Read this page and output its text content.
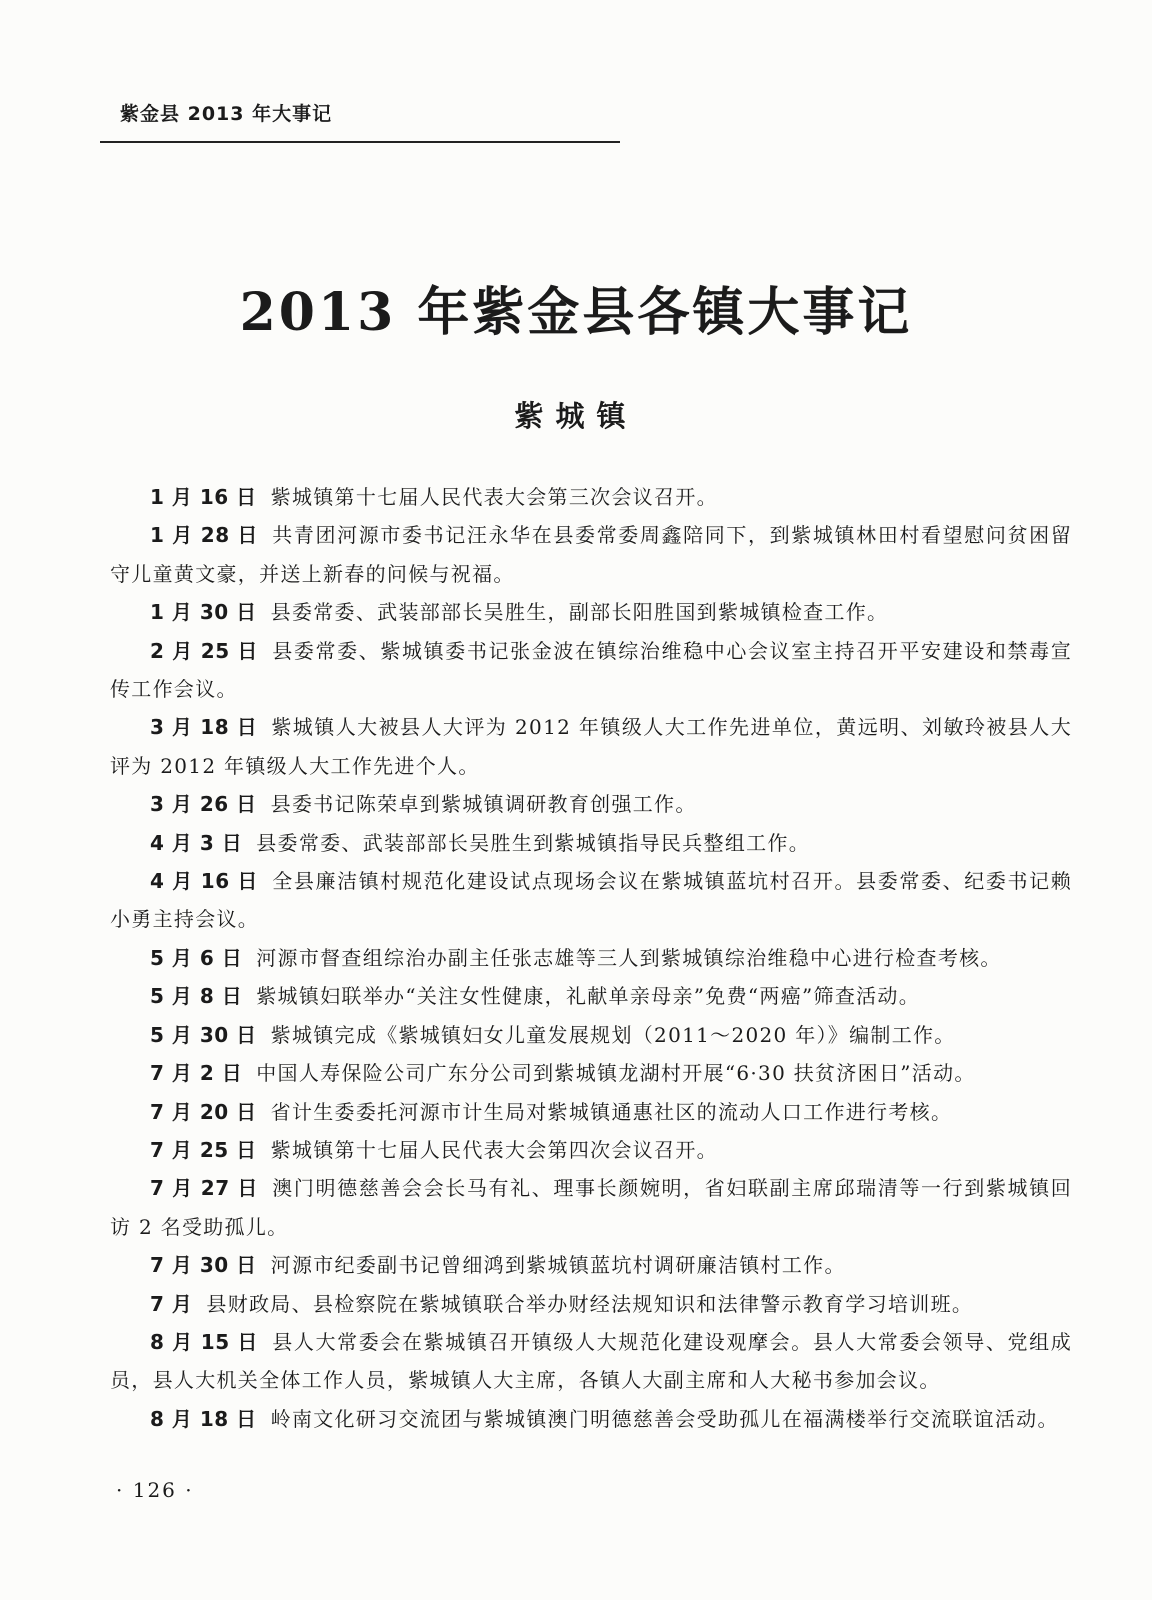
紫金县 2013 年大事记
2013 年紫金县各镇大事记
紫城镇

1 月 16 日 紫城镇第十七届人民代表大会第三次会议召开。

1 月 28 日 共青团河源市委书记汪永华在县委常委周鑫陪同下，到紫城镇林田村看望慰问贫困留守儿童黄文豪，并送上新春的问候与祝福。

1 月 30 日 县委常委、武装部部长吴胜生，副部长阳胜国到紫城镇检查工作。

2 月 25 日 县委常委、紫城镇委书记张金波在镇综治维稳中心会议室主持召开平安建设和禁毒宣传工作会议。

3 月 18 日 紫城镇人大被县人大评为 2012 年镇级人大工作先进单位，黄远明、刘敏玲被县人大评为 2012 年镇级人大工作先进个人。

3 月 26 日 县委书记陈荣卓到紫城镇调研教育创强工作。

4 月 3 日 县委常委、武装部部长吴胜生到紫城镇指导民兵整组工作。

4 月 16 日 全县廉洁镇村规范化建设试点现场会议在紫城镇蓝坑村召开。县委常委、纪委书记赖小勇主持会议。

5 月 6 日 河源市督查组综治办副主任张志雄等三人到紫城镇综治维稳中心进行检查考核。

5 月 8 日 紫城镇妇联举办“关注女性健康，礼献单亲母亲”免费“两癌”筛查活动。

5 月 30 日 紫城镇完成《紫城镇妇女儿童发展规划（2011～2020 年）》编制工作。

7 月 2 日 中国人寿保险公司广东分公司到紫城镇龙湖村开展“6·30 扶贫济困日”活动。

7 月 20 日 省计生委委托河源市计生局对紫城镇通惠社区的流动人口工作进行考核。

7 月 25 日 紫城镇第十七届人民代表大会第四次会议召开。

7 月 27 日 澳门明德慈善会会长马有礼、理事长颜婉明，省妇联副主席邱瑞清等一行到紫城镇回访 2 名受助孤儿。

7 月 30 日 河源市纪委副书记曾细鸿到紫城镇蓝坑村调研廉洁镇村工作。

7 月 县财政局、县检察院在紫城镇联合举办财经法规知识和法律警示教育学习培训班。

8 月 15 日 县人大常委会在紫城镇召开镇级人大规范化建设观摩会。县人大常委会领导、党组成员，县人大机关全体工作人员，紫城镇人大主席，各镇人大副主席和人大秘书参加会议。

8 月 18 日 岭南文化研习交流团与紫城镇澳门明德慈善会受助孤儿在福满楼举行交流联谊活动。

· 126 ·
